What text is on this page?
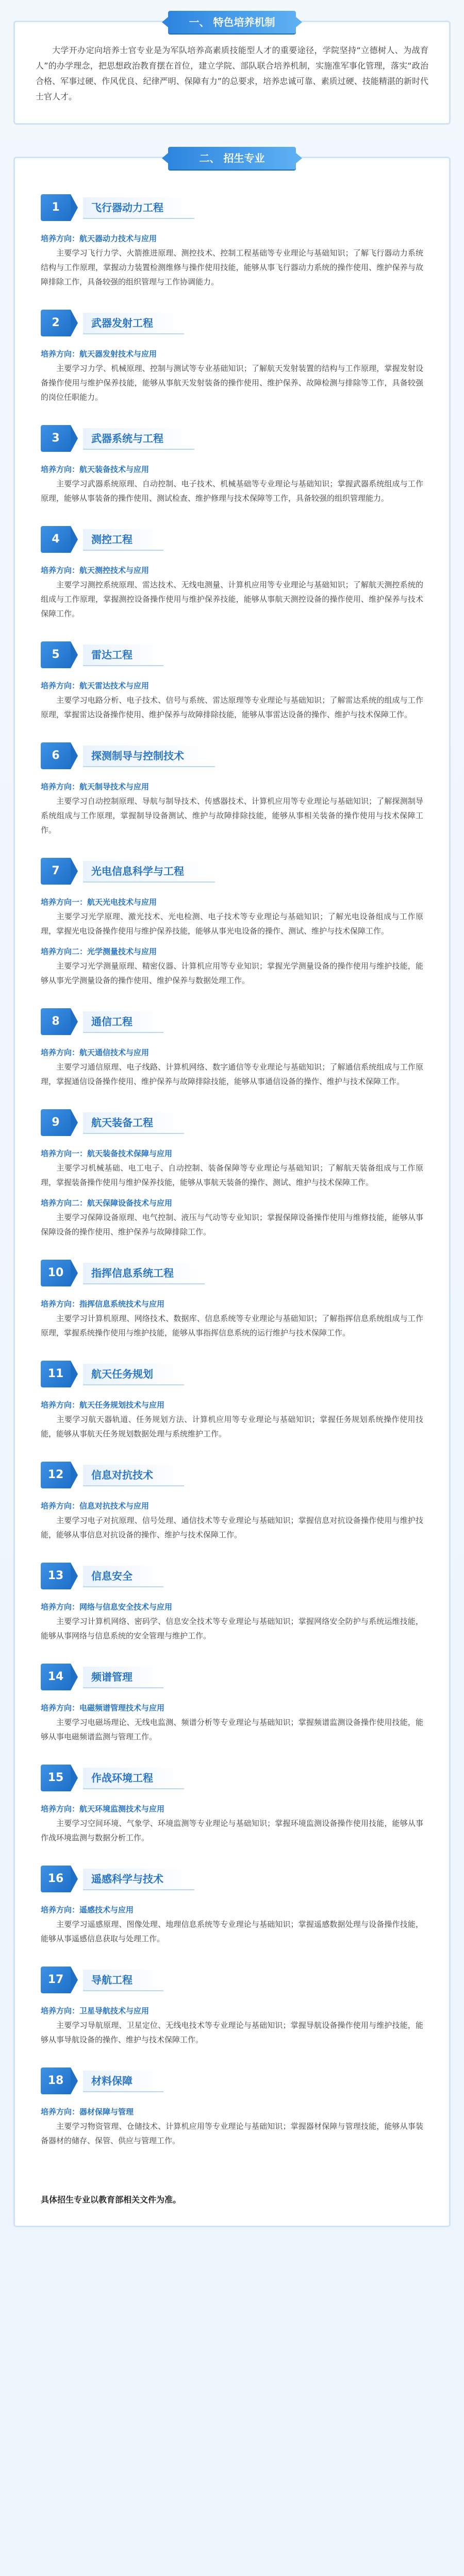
一、 特色培养机制
大学开办定向培养士官专业是为军队培养高素质技能型人才的重要途径，学院坚持“立德树人、为战育人”的办学理念，把思想政治教育摆在首位，建立学院、部队联合培养机制，实施准军事化管理，落实“政治合格、军事过硬、作风优良、纪律严明、保障有力”的总要求，培养忠诚可靠、素质过硬、技能精湛的新时代士官人才。
二、 招生专业
1	飞行器动力工程
培养方向：航天器动力技术与应用
主要学习飞行力学、火箭推进原理、测控技术、控制工程基础等专业理论与基础知识；了解飞行器动力系统结构与工作原理，掌握动力装置检测维修与操作使用技能，能够从事飞行器动力系统的操作使用、维护保养与故障排除工作，具备较强的组织管理与工作协调能力。
2	武器发射工程
培养方向：航天器发射技术与应用
主要学习力学、机械原理、控制与测试等专业基础知识；了解航天发射装置的结构与工作原理，掌握发射设备操作使用与维护保养技能，能够从事航天发射装备的操作使用、维护保养、故障检测与排除等工作，具备较强的岗位任职能力。
3	武器系统与工程
培养方向：航天装备技术与应用
主要学习武器系统原理、自动控制、电子技术、机械基础等专业理论与基础知识；掌握武器系统组成与工作原理，能够从事装备的操作使用、测试检查、维护修理与技术保障等工作，具备较强的组织管理能力。
4	测控工程
培养方向：航天测控技术与应用
主要学习测控系统原理、雷达技术、无线电测量、计算机应用等专业理论与基础知识；了解航天测控系统的组成与工作原理，掌握测控设备操作使用与维护保养技能，能够从事航天测控设备的操作使用、维护保养与技术保障工作。
5	雷达工程
培养方向：航天雷达技术与应用
主要学习电路分析、电子技术、信号与系统、雷达原理等专业理论与基础知识；了解雷达系统的组成与工作原理，掌握雷达设备操作使用、维护保养与故障排除技能，能够从事雷达设备的操作、维护与技术保障工作。
6	探测制导与控制技术
培养方向：航天制导技术与应用
主要学习自动控制原理、导航与制导技术、传感器技术、计算机应用等专业理论与基础知识；了解探测制导系统组成与工作原理，掌握制导设备测试、维护与故障排除技能，能够从事相关装备的操作使用与技术保障工作。
7	光电信息科学与工程
培养方向一：航天光电技术与应用
主要学习光学原理、激光技术、光电检测、电子技术等专业理论与基础知识；了解光电设备组成与工作原理，掌握光电设备操作使用与维护保养技能，能够从事光电设备的操作、测试、维护与技术保障工作。
培养方向二：光学测量技术与应用
主要学习光学测量原理、精密仪器、计算机应用等专业知识；掌握光学测量设备的操作使用与维护技能，能够从事光学测量设备的操作使用、维护保养与数据处理工作。
8	通信工程
培养方向：航天通信技术与应用
主要学习通信原理、电子线路、计算机网络、数字通信等专业理论与基础知识；了解通信系统组成与工作原理，掌握通信设备操作使用、维护保养与故障排除技能，能够从事通信设备的操作、维护与技术保障工作。
9	航天装备工程
培养方向一：航天装备技术保障与应用
主要学习机械基础、电工电子、自动控制、装备保障等专业理论与基础知识；了解航天装备组成与工作原理，掌握装备操作使用与维护保养技能，能够从事航天装备的操作、测试、维护与技术保障工作。
培养方向二：航天保障设备技术与应用
主要学习保障设备原理、电气控制、液压与气动等专业知识；掌握保障设备操作使用与维修技能，能够从事保障设备的操作使用、维护保养与故障排除工作。
10	指挥信息系统工程
培养方向：指挥信息系统技术与应用
主要学习计算机原理、网络技术、数据库、信息系统等专业理论与基础知识；了解指挥信息系统组成与工作原理，掌握系统操作使用与维护技能，能够从事指挥信息系统的运行维护与技术保障工作。
11	航天任务规划
培养方向：航天任务规划技术与应用
主要学习航天器轨道、任务规划方法、计算机应用等专业理论与基础知识；掌握任务规划系统操作使用技能，能够从事航天任务规划数据处理与系统维护工作。
12	信息对抗技术
培养方向：信息对抗技术与应用
主要学习电子对抗原理、信号处理、通信技术等专业理论与基础知识；掌握信息对抗设备操作使用与维护技能，能够从事信息对抗设备的操作、维护与技术保障工作。
13	信息安全
培养方向：网络与信息安全技术与应用
主要学习计算机网络、密码学、信息安全技术等专业理论与基础知识；掌握网络安全防护与系统运维技能，能够从事网络与信息系统的安全管理与维护工作。
14	频谱管理
培养方向：电磁频谱管理技术与应用
主要学习电磁场理论、无线电监测、频谱分析等专业理论与基础知识；掌握频谱监测设备操作使用技能，能够从事电磁频谱监测与管理工作。
15	作战环境工程
培养方向：航天环境监测技术与应用
主要学习空间环境、气象学、环境监测等专业理论与基础知识；掌握环境监测设备操作使用技能，能够从事作战环境监测与数据分析工作。
16	遥感科学与技术
培养方向：遥感技术与应用
主要学习遥感原理、图像处理、地理信息系统等专业理论与基础知识；掌握遥感数据处理与设备操作技能，能够从事遥感信息获取与处理工作。
17	导航工程
培养方向：卫星导航技术与应用
主要学习导航原理、卫星定位、无线电技术等专业理论与基础知识；掌握导航设备操作使用与维护技能，能够从事导航设备的操作、维护与技术保障工作。
18	材料保障
培养方向：器材保障与管理
主要学习物资管理、仓储技术、计算机应用等专业理论与基础知识；掌握器材保障与管理技能，能够从事装备器材的储存、保管、供应与管理工作。
具体招生专业以教育部相关文件为准。
